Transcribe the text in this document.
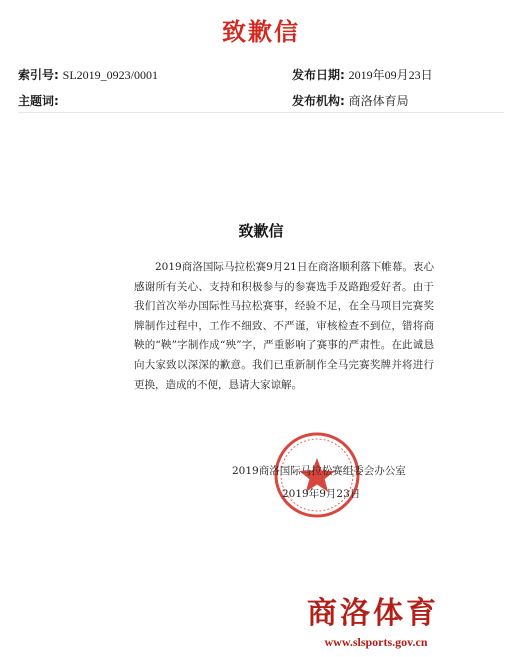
致歉信
索引号: SL2019_0923/0001	发布日期: 2019年09月23日
主题词:	发布机构: 商洛体育局
致歉信

2019商洛国际马拉松赛9月21日在商洛顺利落下帷幕。衷心感谢所有关心、支持和积极参与的参赛选手及路跑爱好者。由于我们首次举办国际性马拉松赛事，经验不足，在全马项目完赛奖牌制作过程中，工作不细致、不严谨，审核检查不到位，错将商鞅的“鞅”字制作成“殃”字，严重影响了赛事的严肃性。在此诚恳向大家致以深深的歉意。我们已重新制作全马完赛奖牌并将进行更换，造成的不便，恳请大家谅解。

2019商洛国际马拉松赛组委会办公室
2019年9月23日
商洛体育
www.slsports.gov.cn
